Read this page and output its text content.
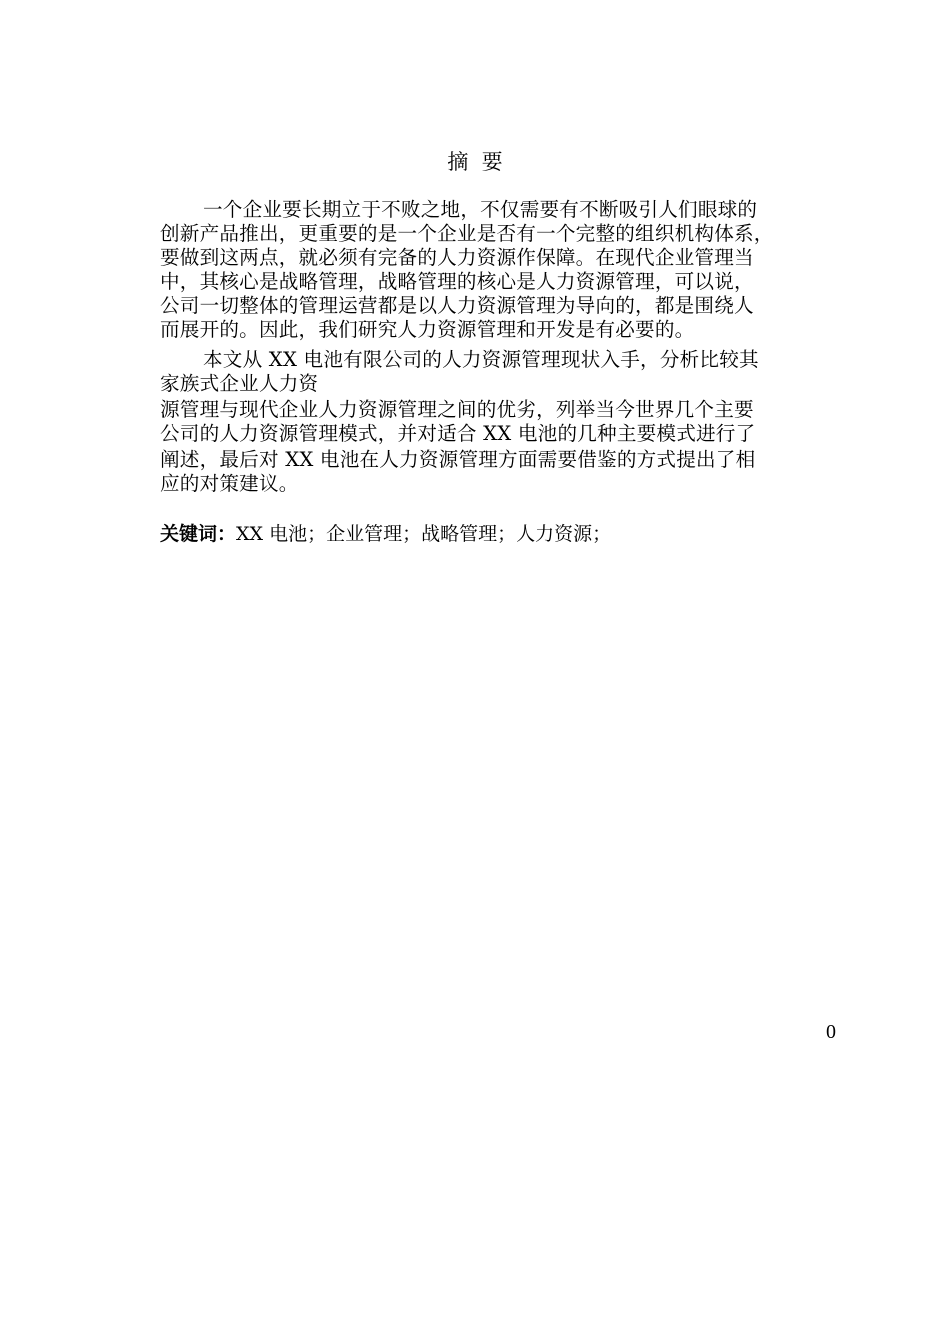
摘  要
一个企业要长期立于不败之地，不仅需要有不断吸引人们眼球的
创新产品推出，更重要的是一个企业是否有一个完整的组织机构体系，
要做到这两点，就必须有完备的人力资源作保障。在现代企业管理当
中，其核心是战略管理，战略管理的核心是人力资源管理，可以说，
公司一切整体的管理运营都是以人力资源管理为导向的，都是围绕人
而展开的。因此，我们研究人力资源管理和开发是有必要的。
本文从 XX 电池有限公司的人力资源管理现状入手，分析比较其
家族式企业人力资
源管理与现代企业人力资源管理之间的优劣，列举当今世界几个主要
公司的人力资源管理模式，并对适合 XX 电池的几种主要模式进行了
阐述，最后对 XX 电池在人力资源管理方面需要借鉴的方式提出了相
应的对策建议。
关键词：XX 电池；企业管理；战略管理；人力资源；
0
